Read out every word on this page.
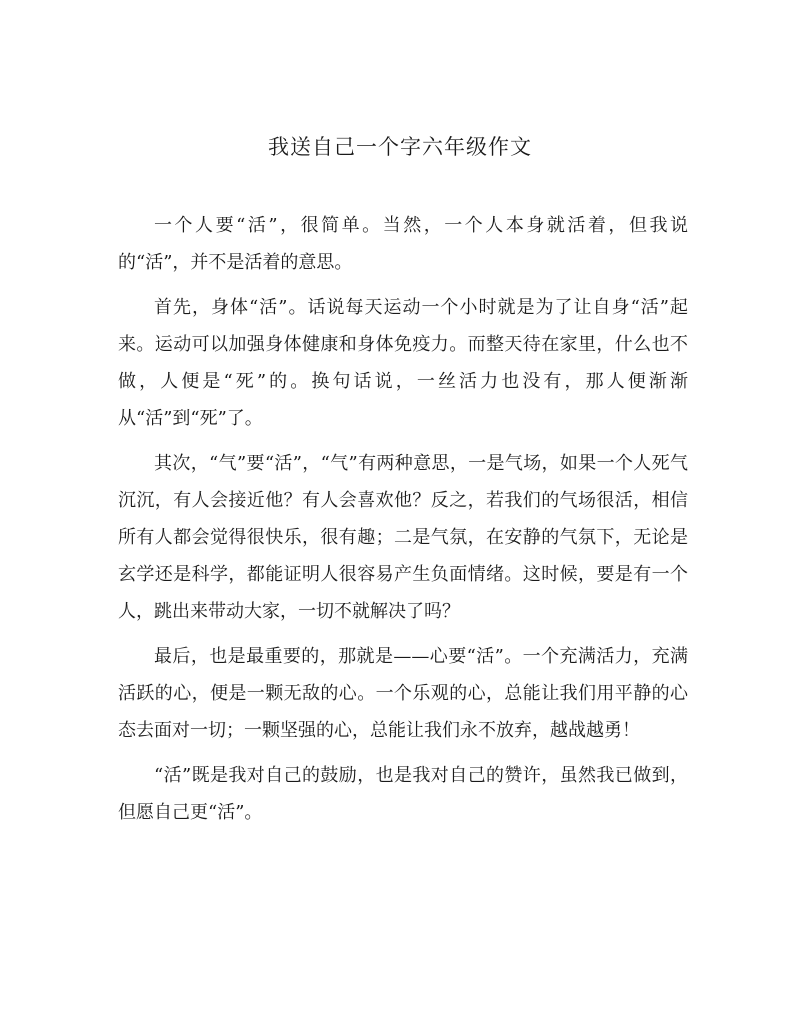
我送自己一个字六年级作文

一个人要“活”，很简单。当然，一个人本身就活着，但我说的“活”，并不是活着的意思。

首先，身体“活”。话说每天运动一个小时就是为了让自身“活”起来。运动可以加强身体健康和身体免疫力。而整天待在家里，什么也不做，人便是“死”的。换句话说，一丝活力也没有，那人便渐渐从“活”到“死”了。

其次，“气”要“活”，“气”有两种意思，一是气场，如果一个人死气沉沉，有人会接近他？有人会喜欢他？反之，若我们的气场很活，相信所有人都会觉得很快乐，很有趣；二是气氛，在安静的气氛下，无论是玄学还是科学，都能证明人很容易产生负面情绪。这时候，要是有一个人，跳出来带动大家，一切不就解决了吗？

最后，也是最重要的，那就是——心要“活”。一个充满活力，充满活跃的心，便是一颗无敌的心。一个乐观的心，总能让我们用平静的心态去面对一切；一颗坚强的心，总能让我们永不放弃，越战越勇！

“活”既是我对自己的鼓励，也是我对自己的赞许，虽然我已做到，但愿自己更“活”。
